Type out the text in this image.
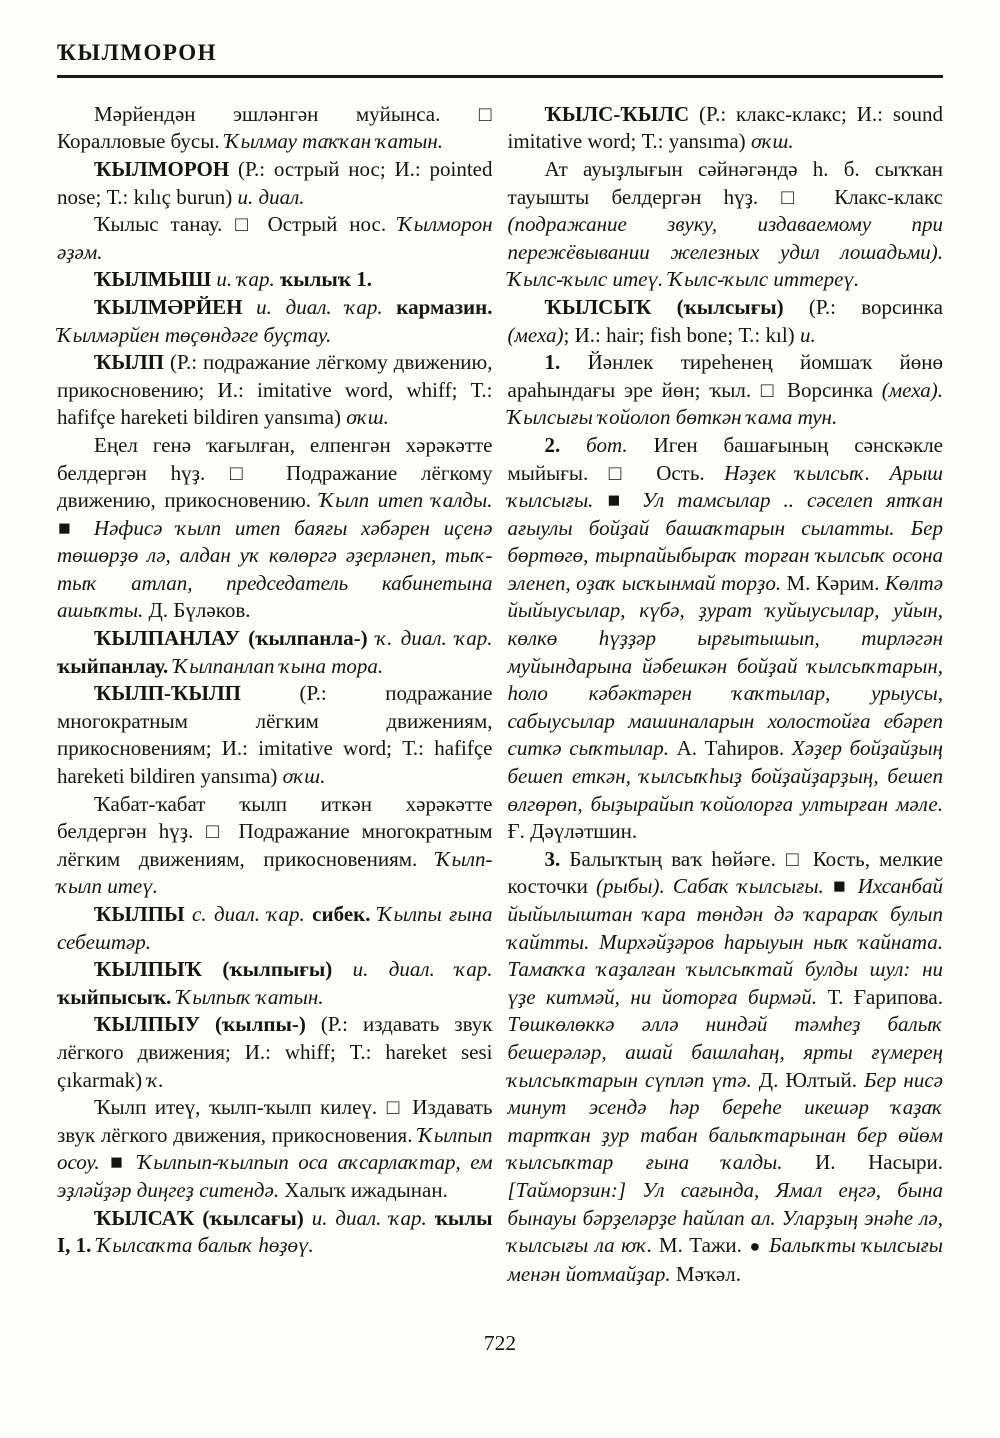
ҠЫЛМОРОН

Мәрйендән эшләнгән муйынса. □ Коралловые бусы. Ҡылмау таҡҡан ҡатын.

ҠЫЛМОРОН (Р.: острый нос; И.: pointed nose; Т.: kılıç burun) и. диал.

Ҡылыс танау. □ Острый нос. Ҡылморон әҙәм.

ҠЫЛМЫШ и. ҡар. ҡылыҡ 1.

ҠЫЛМӘРЙЕН и. диал. ҡар. кармазин. Ҡылмәрйен төҫөндәге буҫтау.

ҠЫЛП (Р.: подражание лёгкому движению, прикосновению; И.: imitative word, whiff; Т.: hafifçe hareketi bildiren yansıma) оҡш.

Еңел генә ҡағылған, елпенгән хәрәкәтте белдергән һүҙ. □ Подражание лёгкому движению, прикосновению. Ҡылп итеп ҡалды. ■ Нәфисә ҡылп итеп баяғы хәбәрен иҫенә төшөрҙө лә, алдан уҡ көлөргә әҙерләнеп, тыҡ-тыҡ атлап, председатель кабинетына ашыҡты. Д. Бүләков.

ҠЫЛПАНЛАУ (ҡылпанла-) ҡ. диал. ҡар. ҡыйпанлау. Ҡылпанлап ҡына тора.

ҠЫЛП-ҠЫЛП (Р.: подражание многократным лёгким движениям, прикосновениям; И.: imitative word; Т.: hafifçe hareketi bildiren yansıma) оҡш.

Ҡабат-ҡабат ҡылп иткән хәрәкәтте белдергән һүҙ. □ Подражание многократным лёгким движениям, прикосновениям. Ҡылп-ҡылп итеү.

ҠЫЛПЫ с. диал. ҡар. сибек. Ҡылпы ғына себештәр.

ҠЫЛПЫҠ (ҡылпығы) и. диал. ҡар. ҡыйпысыҡ. Ҡылпыҡ ҡатын.

ҠЫЛПЫУ (ҡылпы-) (Р.: издавать звук лёгкого движения; И.: whiff; Т.: hareket sesi çıkarmak) ҡ.

Ҡылп итеү, ҡылп-ҡылп килеү. □ Издавать звук лёгкого движения, прикосновения. Ҡылпып осоу. ■ Ҡылпып-ҡылпып оса аҡсарлаҡтар, ем эҙләйҙәр диңгеҙ ситендә. Халыҡ ижадынан.

ҠЫЛСАҠ (ҡылсағы) и. диал. ҡар. ҡылы I, 1. Ҡылсаҡта балыҡ һөҙөү.

ҠЫЛС-ҠЫЛС (Р.: клакс-клакс; И.: sound imitative word; Т.: yansıma) оҡш.

Ат ауыҙлығын сәйнәгәндә һ. б. сыҡҡан тауышты белдергән һүҙ. □ Клакс-клакс (подражание звуку, издаваемому при пережёвывании железных удил лошадьми). Ҡылс-ҡылс итеү. Ҡылс-ҡылс иттереү.

ҠЫЛСЫҠ (ҡылсығы) (Р.: ворсинка (меха); И.: hair; fish bone; Т.: kıl) и.

1. Йәнлек тиреһенең йомшаҡ йөнө араһындағы эре йөн; ҡыл. □ Ворсинка (меха). Ҡылсығы ҡойолоп бөткән ҡама тун.

2. бот. Иген башағының сәнскәкле мыйығы. □ Ость. Нәҙек ҡылсыҡ. Арыш ҡылсығы. ■ Ул тамсылар .. сәселеп ятҡан ағыулы бойҙай башаҡтарын сылатты. Бер бөртөгө, тырпайыбыраҡ торған ҡылсыҡ осона эленеп, оҙаҡ ысҡынмай торҙо. М. Кәрим. Көлтә йыйыусылар, күбә, ҙурат ҡуйыусылар, уйын, көлкө һүҙҙәр ырғытышып, тирләгән муйындарына йәбешкән бойҙай ҡылсыҡтарын, һоло кәбәктәрен ҡаҡтылар, урыусы, сабыусылар машиналарын холостойға ебәреп ситкә сыҡтылар. А. Таһиров. Хәҙер бойҙайҙың бешеп еткән, ҡылсыҡһыҙ бойҙайҙарҙың, бешеп өлгөрөп, быҙырайып ҡойолорға ултырған мәле. Ғ. Дәүләтшин.

3. Балыҡтың ваҡ һөйәге. □ Кость, мелкие косточки (рыбы). Сабаҡ ҡылсығы. ■ Ихсанбай йыйылыштан ҡара төндән дә ҡарараҡ булып ҡайтты. Мирхәйҙәров һарыуын ныҡ ҡайната. Тамаҡҡа ҡаҙалған ҡылсыҡтай булды шул: ни үҙе китмәй, ни йоторға бирмәй. Т. Ғарипова. Төшкөлөккә әллә ниндәй тәмһеҙ балыҡ бешерәләр, ашай башлаһаң, ярты ғүмерең ҡылсыҡтарын сүпләп үтә. Д. Юлтый. Бер нисә минут эсендә һәр береһе икешәр ҡаҙаҡ тартҡан ҙур табан балыҡтарынан бер өйөм ҡылсыҡтар ғына ҡалды. И. Насыри. [Тайморзин:] Ул сағында, Ямал еңгә, бына бынауы бәрҙеләрҙе һайлап ал. Уларҙың энәһе лә, ҡылсығы ла юҡ. М. Тажи. ● Балыҡты ҡылсығы менән йотмайҙар. Мәҡәл.

722
